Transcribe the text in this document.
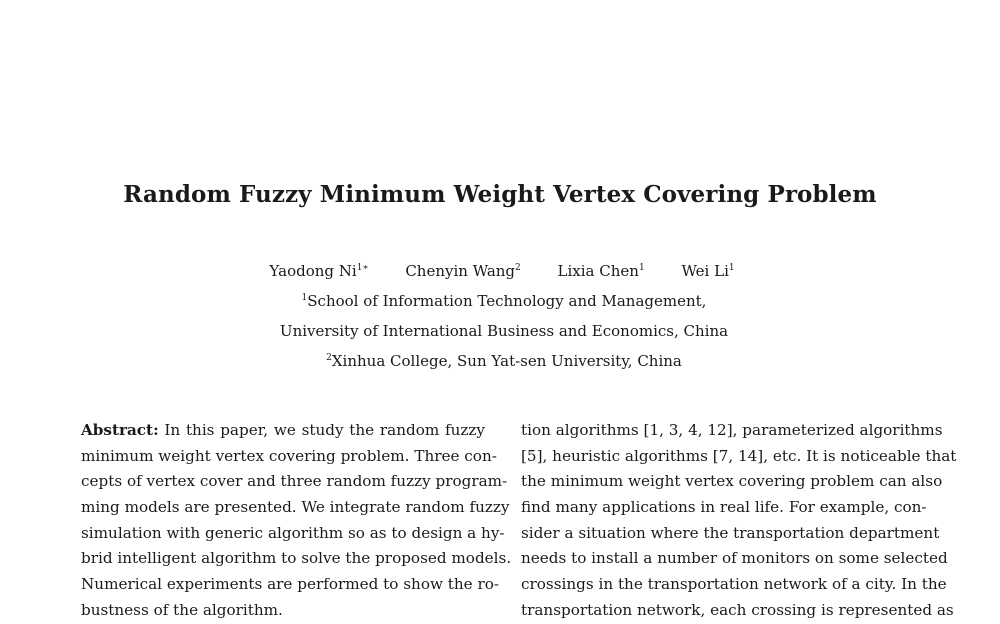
Random Fuzzy Minimum Weight Vertex Covering Problem
Yaodong $Ni^{1∗}$ Chenyin Wang$^2$ Lixia Chen$^1$ Wei Li$^1$
$^1$School of Information Technology and Management,
University of International Business and Economics, China
$^2$Xinhua College, Sun Yat-sen University, China
Abstract: In this paper, we study the random fuzzy
minimum weight vertex covering problem. Three con-
cepts of vertex cover and three random fuzzy program-
ming models are presented. We integrate random fuzzy
simulation with generic algorithm so as to design a hy-
brid intelligent algorithm to solve the proposed models.
Numerical experiments are performed to show the ro-
bustness of the algorithm.
tion algorithms [1, 3, 4, 12], parameterized algorithms
[5], heuristic algorithms [7, 14], etc. It is noticeable that
the minimum weight vertex covering problem can also
find many applications in real life. For example, con-
sider a situation where the transportation department
needs to install a number of monitors on some selected
crossings in the transportation network of a city. In the
transportation network, each crossing is represented as
